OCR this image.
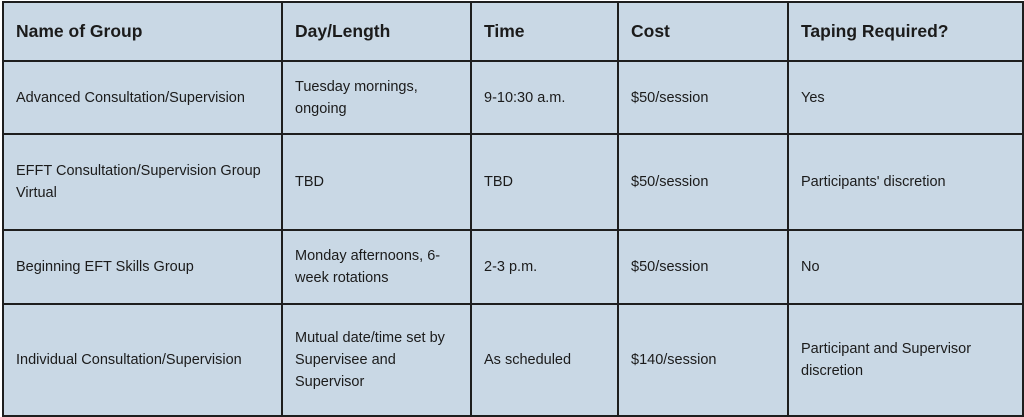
Name of Group	Day/Length	Time	Cost	Taping Required?
Advanced Consultation/Supervision	Tuesday mornings, ongoing	9-10:30 a.m.	$50/session	Yes
EFFT Consultation/Supervision Group Virtual	TBD	TBD	$50/session	Participants' discretion
Beginning EFT Skills Group	Monday afternoons, 6-week rotations	2-3 p.m.	$50/session	No
Individual Consultation/Supervision	Mutual date/time set by Supervisee and Supervisor	As scheduled	$140/session	Participant and Supervisor discretion
